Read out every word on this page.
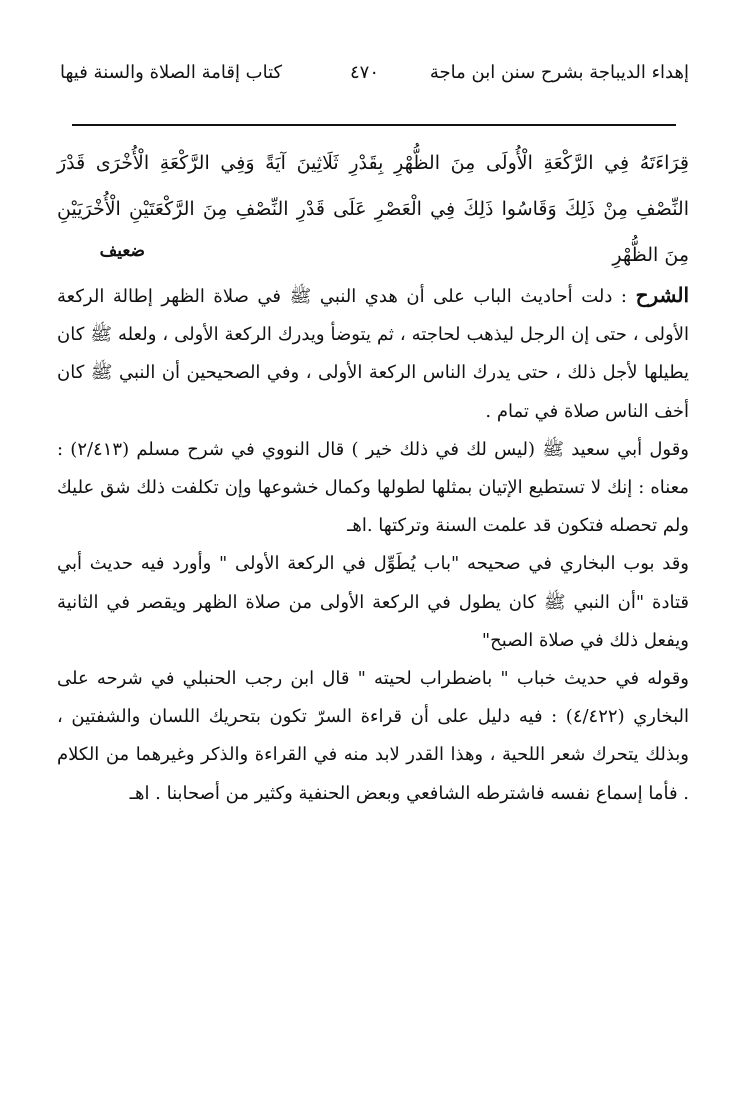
إهداء الديباجة بشرح سنن ابن ماجة
٤٧٠
كتاب إقامة الصلاة والسنة فيها
قِرَاءَتَهُ فِي الرَّكْعَةِ الْأُولَى مِنَ الظُّهْرِ بِقَدْرِ ثَلَاثِينَ آيَةً وَفِي الرَّكْعَةِ الْأُخْرَى قَدْرَ النِّصْفِ مِنْ ذَلِكَ وَقَاسُوا ذَلِكَ فِي الْعَصْرِ عَلَى قَدْرِ النِّصْفِ مِنَ الرَّكْعَتَيْنِ الْأُخْرَيَيْنِ مِنَ الظُّهْرِ
ضعيف

الشرح : دلت أحاديث الباب على أن هدي النبي ﷺ في صلاة الظهر إطالة الركعة الأولى ، حتى إن الرجل ليذهب لحاجته ، ثم يتوضأ ويدرك الركعة الأولى ، ولعله ﷺ كان يطيلها لأجل ذلك ، حتى يدرك الناس الركعة الأولى ، وفي الصحيحين أن النبي ﷺ كان أخف الناس صلاة في تمام .

وقول أبي سعيد ﷺ (ليس لك في ذلك خير ) قال النووي في شرح مسلم (٢/٤١٣) : معناه : إنك لا تستطيع الإتيان بمثلها لطولها وكمال خشوعها وإن تكلفت ذلك شق عليك ولم تحصله فتكون قد علمت السنة وتركتها .اهـ

وقد بوب البخاري في صحيحه "باب يُطَوِّل في الركعة الأولى " وأورد فيه حديث أبي قتادة "أن النبي ﷺ كان يطول في الركعة الأولى من صلاة الظهر ويقصر في الثانية ويفعل ذلك في صلاة الصبح"

وقوله في حديث خباب " باضطراب لحيته " قال ابن رجب الحنبلي في شرحه على البخاري (٤/٤٢٢) : فيه دليل على أن قراءة السرّ تكون بتحريك اللسان والشفتين ، وبذلك يتحرك شعر اللحية ، وهذا القدر لابد منه في القراءة والذكر وغيرهما من الكلام . فأما إسماع نفسه فاشترطه الشافعي وبعض الحنفية وكثير من أصحابنا . اهـ
